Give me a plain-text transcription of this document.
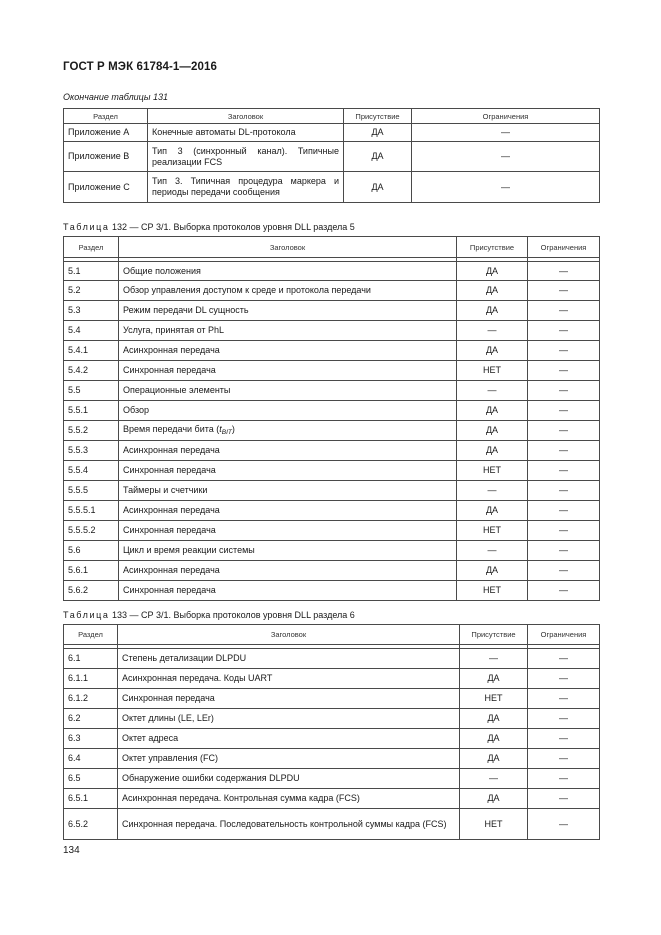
ГОСТ Р МЭК 61784-1—2016
Окончание таблицы 131
Раздел	Заголовок	Присутствие	Ограничения
Приложение А	Конечные автоматы DL-протокола	ДА	—
Приложение В	Тип 3 (синхронный канал). Типичные реализации FCS	ДА	—
Приложение С	Тип 3. Типичная процедура маркера и периоды передачи сообщения	ДА	—
Таблица 132 — СР 3/1. Выборка протоколов уровня DLL раздела 5
Раздел	Заголовок	Присутствие	Ограничения

5.1	Общие положения	ДА	—
5.2	Обзор управления доступом к среде и протокола передачи	ДА	—
5.3	Режим передачи DL сущность	ДА	—
5.4	Услуга, принятая от PhL	—	—
5.4.1	Асинхронная передача	ДА	—
5.4.2	Синхронная передача	НЕТ	—
5.5	Операционные элементы	—	—
5.5.1	Обзор	ДА	—
5.5.2	Время передачи бита $(t_{BIT})$	ДА	—
5.5.3	Асинхронная передача	ДА	—
5.5.4	Синхронная передача	НЕТ	—
5.5.5	Таймеры и счетчики	—	—
5.5.5.1	Асинхронная передача	ДА	—
5.5.5.2	Синхронная передача	НЕТ	—
5.6	Цикл и время реакции системы	—	—
5.6.1	Асинхронная передача	ДА	—
5.6.2	Синхронная передача	НЕТ	—
Таблица 133 — СР 3/1. Выборка протоколов уровня DLL раздела 6
Раздел	Заголовок	Присутствие	Ограничения

6.1	Степень детализации DLPDU	—	—
6.1.1	Асинхронная передача. Коды UART	ДА	—
6.1.2	Синхронная передача	НЕТ	—
6.2	Октет длины (LE, LEr)	ДА	—
6.3	Октет адреса	ДА	—
6.4	Октет управления (FC)	ДА	—
6.5	Обнаружение ошибки содержания DLPDU	—	—
6.5.1	Асинхронная передача. Контрольная сумма кадра (FCS)	ДА	—
6.5.2	Синхронная передача. Последовательность контрольной суммы кадра (FCS)	НЕТ	—
134
